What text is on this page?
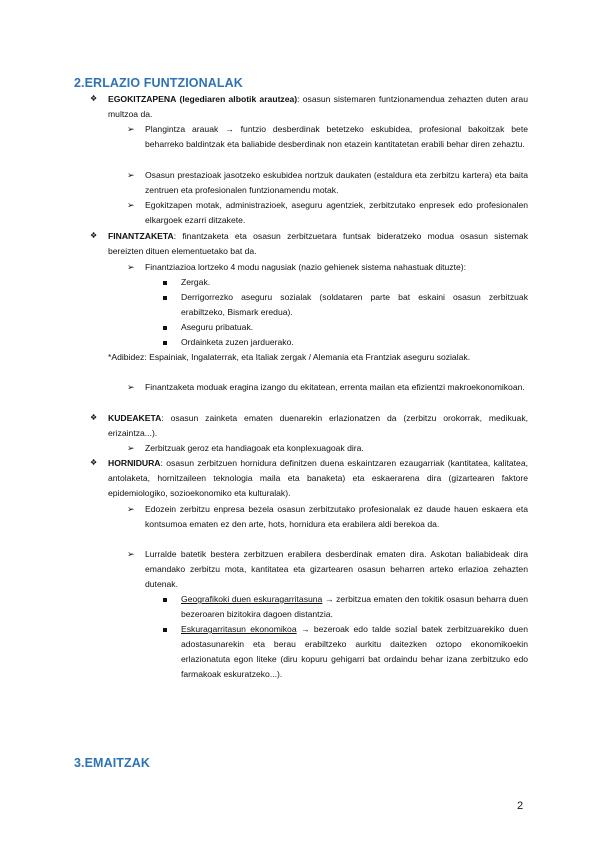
2.ERLAZIO FUNTZIONALAK
❖ EGOKITZAPENA (legediaren albotik arautzea): osasun sistemaren funtzionamendua zehazten duten arau multzoa da.
➢ Plangintza arauak → funtzio desberdinak betetzeko eskubidea, profesional bakoitzak bete beharreko baldintzak eta baliabide desberdinak non etazein kantitatetan erabili behar diren zehaztu.
➢ Osasun prestazioak jasotzeko eskubidea nortzuk daukaten (estaldura eta zerbitzu kartera) eta baita zentruen eta profesionalen funtzionamendu motak.
➢ Egokitzapen motak, administrazioek, aseguru agentziek, zerbitzutako enpresek edo profesionalen elkargoek ezarri ditzakete.
❖ FINANTZAKETA: finantzaketa eta osasun zerbitzuetara funtsak bideratzeko modua osasun sistemak bereizten dituen elementuetako bat da.
➢ Finantziazioa lortzeko 4 modu nagusiak (nazio gehienek sistema nahastuak dituzte):
Zergak.
Derrigorrezko aseguru sozialak (soldataren parte bat eskaini osasun zerbitzuak erabiltzeko, Bismark eredua).
Aseguru pribatuak.
Ordainketa zuzen jarduerako.
*Adibidez: Espainiak, Ingalaterrak, eta Italiak zergak / Alemania eta Frantziak aseguru sozialak.
➢ Finantzaketa moduak eragina izango du ekitatean, errenta mailan eta efizientzi makroekonomikoan.
❖ KUDEAKETA: osasun zainketa ematen duenarekin erlazionatzen da (zerbitzu orokorrak, medikuak, erizaintza...).
➢ Zerbitzuak geroz eta handiagoak eta konplexuagoak dira.
❖ HORNIDURA: osasun zerbitzuen hornidura definitzen duena eskaintzaren ezaugarriak (kantitatea, kalitatea, antolaketa, hornitzaileen teknologia maila eta banaketa) eta eskaerarena dira (gizartearen faktore epidemiologiko, sozioekonomiko eta kulturalak).
➢ Edozein zerbitzu enpresa bezela osasun zerbitzutako profesionalak ez daude hauen eskaera eta kontsumoa ematen ez den arte, hots, hornidura eta erabilera aldi berekoa da.
➢ Lurralde batetik bestera zerbitzuen erabilera desberdinak ematen dira. Askotan baliabideak dira emandako zerbitzu mota, kantitatea eta gizartearen osasun beharren arteko erlazioa zehazten dutenak.
Geografikoki duen eskuragarritasuna → zerbitzua ematen den tokitik osasun beharra duen bezeroaren bizitokira dagoen distantzia.
Eskuragarritasun ekonomikoa → bezeroak edo talde sozial batek zerbitzuarekiko duen adostasunarekin eta berau erabiltzeko aurkitu daitezken oztopo ekonomikoekin erlazionatuta egon liteke (diru kopuru gehigarri bat ordaindu behar izana zerbitzuko edo farmakoak eskuratzeko...).
3.EMAITZAK
2
